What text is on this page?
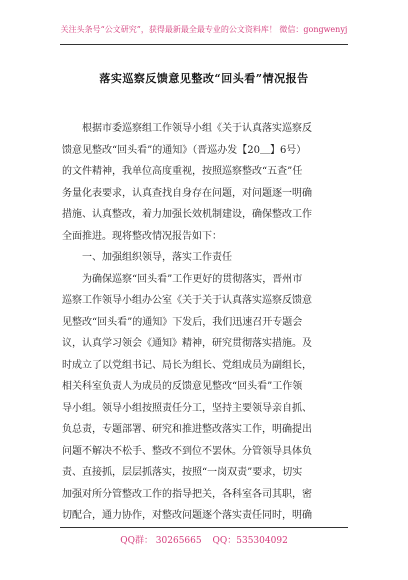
关注头条号“公文研究”，获得最新最全最专业的公文资料库！ 微信：gongwenyj
落实巡察反馈意见整改“回头看”情况报告
　　根据市委巡察组工作领导小组《关于认真落实巡察反
馈意见整改“回头看”的通知》（晋巡办发【20＿】6号）
的文件精神，我单位高度重视，按照巡察整改“五查”任
务量化表要求，认真查找自身存在问题，对问题逐一明确
措施、认真整改，着力加强长效机制建设，确保整改工作
全面推进。现将整改情况报告如下：
　　一、加强组织领导，落实工作责任
　　为确保巡察“回头看”工作更好的贯彻落实，晋州市
巡察工作领导小组办公室《关于关于认真落实巡察反馈意
见整改“回头看”的通知》下发后，我们迅速召开专题会
议，认真学习领会《通知》精神，研究贯彻落实措施。及
时成立了以党组书记、局长为组长、党组成员为副组长，
相关科室负责人为成员的反馈意见整改“回头看”工作领
导小组。领导小组按照责任分工，坚持主要领导亲自抓、
负总责，专题部署、研究和推进整改落实工作，明确提出
问题不解决不松手、整改不到位不罢休。分管领导具体负
责、直接抓，层层抓落实，按照“一岗双责”要求，切实
加强对所分管整改工作的指导把关，各科室各司其职，密
切配合，通力协作，对整改问题逐个落实责任同时，明确
QQ群： 30265665 QQ：535304092
